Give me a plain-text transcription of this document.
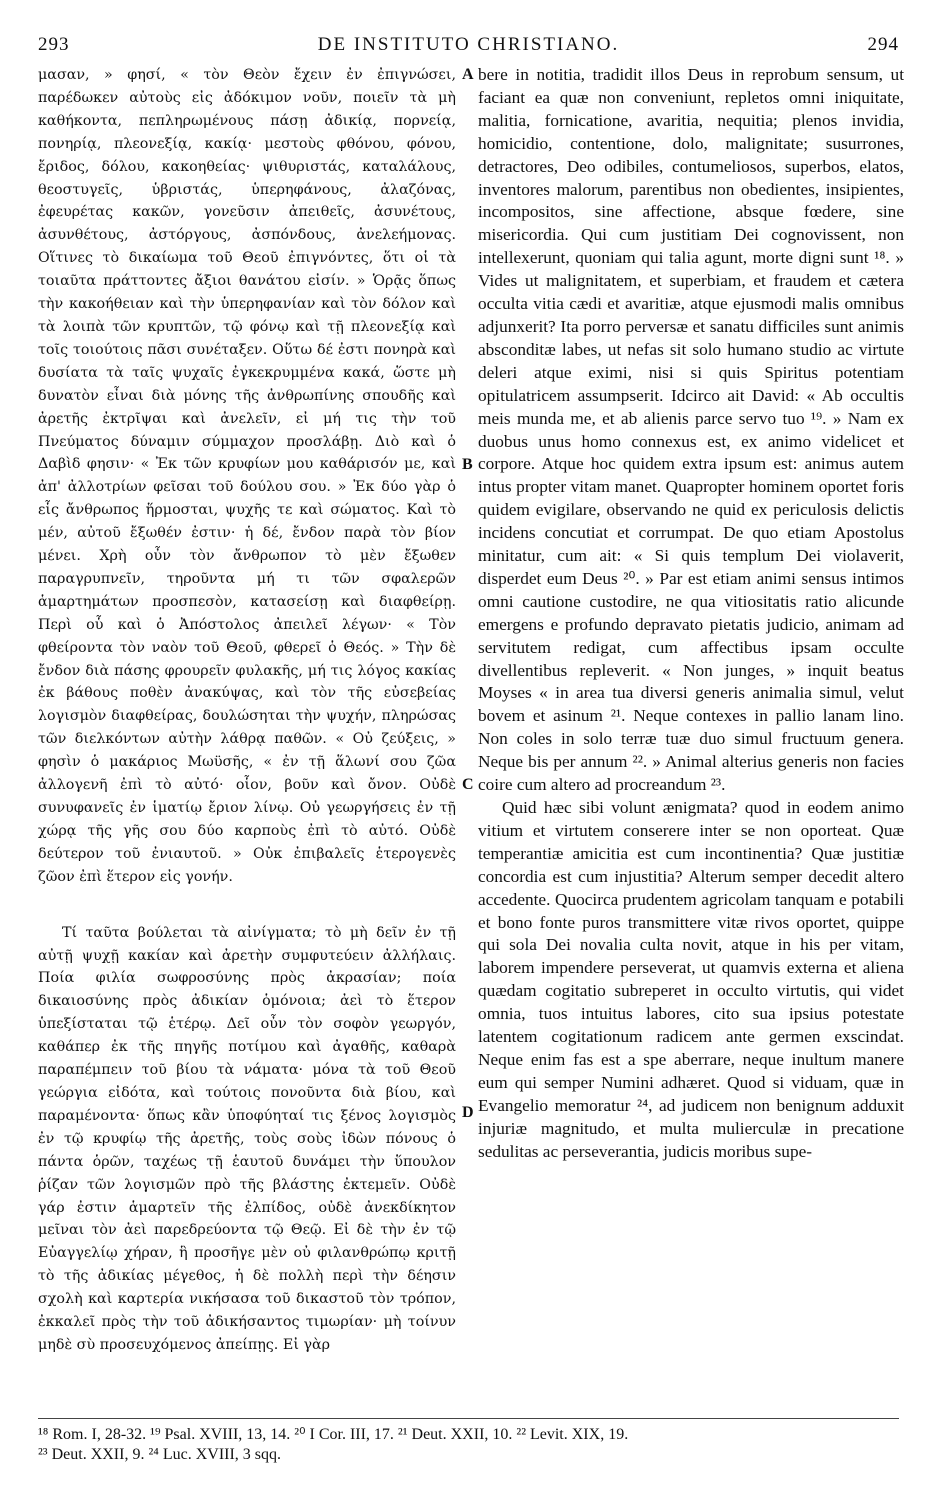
293	DE INSTITUTO CHRISTIANO.	294

μασαν, » φησί, « τὸν Θεὸν ἔχειν ἐν ἐπιγνώσει, παρέδωκεν αὐτοὺς εἰς ἀδόκιμον νοῦν, ποιεῖν τὰ μὴ καθήκοντα, πεπληρωμένους πάσῃ ἀδικίᾳ, πορνείᾳ, πονηρίᾳ, πλεονεξίᾳ, κακίᾳ· μεστοὺς φθόνου, φόνου, ἔριδος, δόλου, κακοηθείας· ψιθυριστάς, καταλάλους, θεοστυγεῖς, ὑβριστάς, ὑπερηφάνους, ἀλαζόνας, ἐφευρέτας κακῶν, γονεῦσιν ἀπειθεῖς, ἀσυνέτους, ἀσυνθέτους, ἀστόργους, ἀσπόνδους, ἀνελεήμονας. Οἵτινες τὸ δικαίωμα τοῦ Θεοῦ ἐπιγνόντες, ὅτι οἱ τὰ τοιαῦτα πράττοντες ἄξιοι θανάτου εἰσίν. » Ὁρᾷς ὅπως τὴν κακοήθειαν καὶ τὴν ὑπερηφανίαν καὶ τὸν δόλον καὶ τὰ λοιπὰ τῶν κρυπτῶν, τῷ φόνῳ καὶ τῇ πλεονεξίᾳ καὶ τοῖς τοιούτοις πᾶσι συνέταξεν. Οὕτω δέ ἐστι πονηρὰ καὶ δυσίατα τὰ ταῖς ψυχαῖς ἐγκεκρυμμένα κακά, ὥστε μὴ δυνατὸν εἶναι διὰ μόνης τῆς ἀνθρωπίνης σπουδῆς καὶ ἀρετῆς ἐκτρῖψαι καὶ ἀνελεῖν, εἰ μή τις τὴν τοῦ Πνεύματος δύναμιν σύμμαχον προσλάβῃ. Διὸ καὶ ὁ Δαβὶδ φησιν· « Ἐκ τῶν κρυφίων μου καθάρισόν με, καὶ ἀπ' ἀλλοτρίων φεῖσαι τοῦ δούλου σου. » Ἐκ δύο γὰρ ὁ εἷς ἄνθρωπος ἥρμοσται, ψυχῆς τε καὶ σώματος. Καὶ τὸ μέν, αὐτοῦ ἔξωθέν ἐστιν· ἡ δέ, ἔνδον παρὰ τὸν βίον μένει. Χρὴ οὖν τὸν ἄνθρωπον τὸ μὲν ἔξωθεν παραγρυπνεῖν, τηροῦντα μή τι τῶν σφαλερῶν ἁμαρτημάτων προσπεσὸν, κατασείσῃ καὶ διαφθείρῃ. Περὶ οὗ καὶ ὁ Ἀπόστολος ἀπειλεῖ λέγων· « Τὸν φθείροντα τὸν ναὸν τοῦ Θεοῦ, φθερεῖ ὁ Θεός. » Τὴν δὲ ἔνδον διὰ πάσης φρουρεῖν φυλακῆς, μή τις λόγος κακίας ἐκ βάθους ποθὲν ἀνακύψας, καὶ τὸν τῆς εὐσεβείας λογισμὸν διαφθείρας, δουλώσηται τὴν ψυχήν, πληρώσας τῶν διελκόντων αὐτὴν λάθρᾳ παθῶν. « Οὐ ζεύξεις, » φησὶν ὁ μακάριος Μωϋσῆς, « ἐν τῇ ἅλωνί σου ζῶα ἀλλογενῆ ἐπὶ τὸ αὐτό· οἷον, βοῦν καὶ ὄνον. Οὐδὲ συνυφανεῖς ἐν ἱματίῳ ἔριον λίνῳ. Οὐ γεωργήσεις ἐν τῇ χώρᾳ τῆς γῆς σου δύο καρποὺς ἐπὶ τὸ αὐτό. Οὐδὲ δεύτερον τοῦ ἐνιαυτοῦ. » Οὐκ ἐπιβαλεῖς ἑτερογενὲς ζῶον ἐπὶ ἕτερον εἰς γονήν.

Τί ταῦτα βούλεται τὰ αἰνίγματα; τὸ μὴ δεῖν ἐν τῇ αὐτῇ ψυχῇ κακίαν καὶ ἀρετὴν συμφυτεύειν ἀλλήλαις. Ποία φιλία σωφροσύνης πρὸς ἀκρασίαν; ποία δικαιοσύνης πρὸς ἀδικίαν ὁμόνοια; ἀεὶ τὸ ἕτερον ὑπεξίσταται τῷ ἑτέρῳ. Δεῖ οὖν τὸν σοφὸν γεωργόν, καθάπερ ἐκ τῆς πηγῆς ποτίμου καὶ ἀγαθῆς, καθαρὰ παραπέμπειν τοῦ βίου τὰ νάματα· μόνα τὰ τοῦ Θεοῦ γεώργια εἰδότα, καὶ τούτοις πονοῦντα διὰ βίου, καὶ παραμένοντα· ὅπως κἂν ὑποφύηταί τις ξένος λογισμὸς ἐν τῷ κρυφίῳ τῆς ἀρετῆς, τοὺς σοὺς ἰδὼν πόνους ὁ πάντα ὁρῶν, ταχέως τῇ ἑαυτοῦ δυνάμει τὴν ὕπουλον ῥίζαν τῶν λογισμῶν πρὸ τῆς βλάστης ἐκτεμεῖν. Οὐδὲ γάρ ἐστιν ἁμαρτεῖν τῆς ἐλπίδος, οὐδὲ ἀνεκδίκητον μεῖναι τὸν ἀεὶ παρεδρεύοντα τῷ Θεῷ. Εἰ δὲ τὴν ἐν τῷ Εὐαγγελίῳ χήραν, ἣ προσῆγε μὲν οὐ φιλανθρώπῳ κριτῇ τὸ τῆς ἀδικίας μέγεθος, ἡ δὲ πολλὴ περὶ τὴν δέησιν σχολὴ καὶ καρτερία νικήσασα τοῦ δικαστοῦ τὸν τρόπον, ἐκκαλεῖ πρὸς τὴν τοῦ ἀδικήσαντος τιμωρίαν· μὴ τοίνυν μηδὲ σὺ προσευχόμενος ἀπείπῃς. Εἰ γὰρ

A
B
C
D

bere in notitia, tradidit illos Deus in reprobum sensum, ut faciant ea quæ non conveniunt, repletos omni iniquitate, malitia, fornicatione, avaritia, nequitia; plenos invidia, homicidio, contentione, dolo, malignitate; susurrones, detractores, Deo odibiles, contumeliosos, superbos, elatos, inventores malorum, parentibus non obedientes, insipientes, incompositos, sine affectione, absque fœdere, sine misericordia. Qui cum justitiam Dei cognovissent, non intellexerunt, quoniam qui talia agunt, morte digni sunt ¹⁸. » Vides ut malignitatem, et superbiam, et fraudem et cætera occulta vitia cædi et avaritiæ, atque ejusmodi malis omnibus adjunxerit? Ita porro perversæ et sanatu difficiles sunt animis absconditæ labes, ut nefas sit solo humano studio ac virtute deleri atque eximi, nisi si quis Spiritus potentiam opitulatricem assumpserit. Idcirco ait David: « Ab occultis meis munda me, et ab alienis parce servo tuo ¹⁹. » Nam ex duobus unus homo connexus est, ex animo videlicet et corpore. Atque hoc quidem extra ipsum est: animus autem intus propter vitam manet. Quapropter hominem oportet foris quidem evigilare, observando ne quid ex periculosis delictis incidens concutiat et corrumpat. De quo etiam Apostolus minitatur, cum ait: « Si quis templum Dei violaverit, disperdet eum Deus ²⁰. » Par est etiam animi sensus intimos omni cautione custodire, ne qua vitiositatis ratio alicunde emergens e profundo depravato pietatis judicio, animam ad servitutem redigat, cum affectibus ipsam occulte divellentibus repleverit. « Non junges, » inquit beatus Moyses « in area tua diversi generis animalia simul, velut bovem et asinum ²¹. Neque contexes in pallio lanam lino. Non coles in solo terræ tuæ duo simul fructuum genera. Neque bis per annum ²². » Animal alterius generis non facies coire cum altero ad procreandum ²³.

Quid hæc sibi volunt ænigmata? quod in eodem animo vitium et virtutem conserere inter se non oporteat. Quæ temperantiæ amicitia est cum incontinentia? Quæ justitiæ concordia est cum injustitia? Alterum semper decedit altero accedente. Quocirca prudentem agricolam tanquam e potabili et bono fonte puros transmittere vitæ rivos oportet, quippe qui sola Dei novalia culta novit, atque in his per vitam, laborem impendere perseverat, ut quamvis externa et aliena quædam cogitatio subreperet in occulto virtutis, qui videt omnia, tuos intuitus labores, cito sua ipsius potestate latentem cogitationum radicem ante germen exscindat. Neque enim fas est a spe aberrare, neque inultum manere eum qui semper Numini adhæret. Quod si viduam, quæ in Evangelio memoratur ²⁴, ad judicem non benignum adduxit injuriæ magnitudo, et multa mulierculæ in precatione sedulitas ac perseverantia, judicis moribus supe-

¹⁸ Rom. I, 28-32. ¹⁹ Psal. XVIII, 13, 14. ²⁰ I Cor. III, 17. ²¹ Deut. XXII, 10. ²² Levit. XIX, 19.
²³ Deut. XXII, 9. ²⁴ Luc. XVIII, 3 sqq.
